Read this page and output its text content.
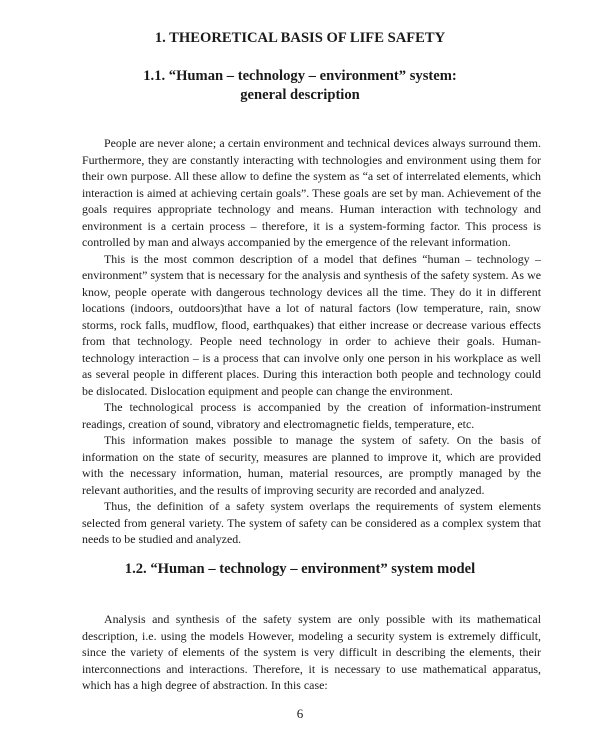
1. THEORETICAL BASIS OF LIFE SAFETY
1.1. “Human – technology – environment” system:
general description

People are never alone; a certain environment and technical devices always surround them. Furthermore, they are constantly interacting with technologies and environment using them for their own purpose. All these allow to define the system as “a set of interrelated elements, which interaction is aimed at achieving certain goals”. These goals are set by man. Achievement of the goals requires appropriate technology and means. Human interaction with technology and environment is a certain process – therefore, it is a system-forming factor. This process is controlled by man and always accompanied by the emergence of the relevant information.

This is the most common description of a model that defines “human – technology – environment” system that is necessary for the analysis and synthesis of the safety system. As we know, people operate with dangerous technology devices all the time. They do it in different locations (indoors, outdoors)that have a lot of natural factors (low temperature, rain, snow storms, rock falls, mudflow, flood, earthquakes) that either increase or decrease various effects from that technology. People need technology in order to achieve their goals. Human-technology interaction – is a process that can involve only one person in his workplace as well as several people in different places. During this interaction both people and technology could be dislocated. Dislocation equipment and people can change the environment.

The technological process is accompanied by the creation of information-instrument readings, creation of sound, vibratory and electromagnetic fields, temperature, etc.

This information makes possible to manage the system of safety. On the basis of information on the state of security, measures are planned to improve it, which are provided with the necessary information, human, material resources, are promptly managed by the relevant authorities, and the results of improving security are recorded and analyzed.

Thus, the definition of a safety system overlaps the requirements of system elements selected from general variety. The system of safety can be considered as a complex system that needs to be studied and analyzed.

1.2. “Human – technology – environment” system model

Analysis and synthesis of the safety system are only possible with its mathematical description, i.e. using the models However, modeling a security system is extremely difficult, since the variety of elements of the system is very difficult in describing the elements, their interconnections and interactions. Therefore, it is necessary to use mathematical apparatus, which has a high degree of abstraction. In this case:

6
